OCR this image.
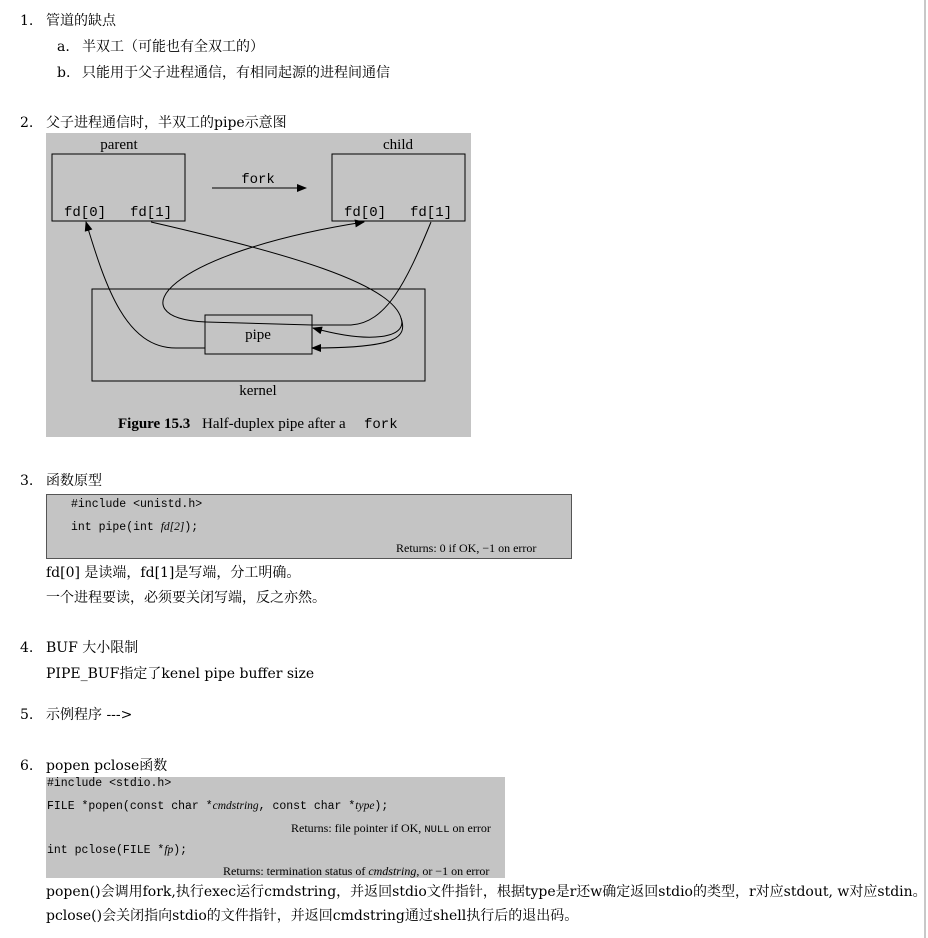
1. 管道的缺点
a. 半双工（可能也有全双工的）
b. 只能用于父子进程通信，有相同起源的进程间通信
2. 父子进程通信时，半双工的pipe示意图
parent
fd[0] fd[1]
child
fd[0] fd[1]
fork
kernel
pipe
Figure 15.3 Half-duplex pipe after a fork
3. 函数原型
#include <unistd.h>
int pipe(int fd[2]);
Returns: 0 if OK, −1 on error
fd[0] 是读端，fd[1]是写端，分工明确。
一个进程要读，必须要关闭写端，反之亦然。
4. BUF 大小限制
PIPE_BUF指定了kenel pipe buffer size
5. 示例程序 --->
6. popen pclose函数
#include <stdio.h>
FILE *popen(const char *cmdstring, const char *type);
Returns: file pointer if OK, NULL on error
int pclose(FILE *fp);
Returns: termination status of cmdstring, or −1 on error
popen()会调用fork,执行exec运行cmdstring，并返回stdio文件指针，根据type是r还w确定返回stdio的类型，r对应stdout, w对应stdin。
pclose()会关闭指向stdio的文件指针，并返回cmdstring通过shell执行后的退出码。
